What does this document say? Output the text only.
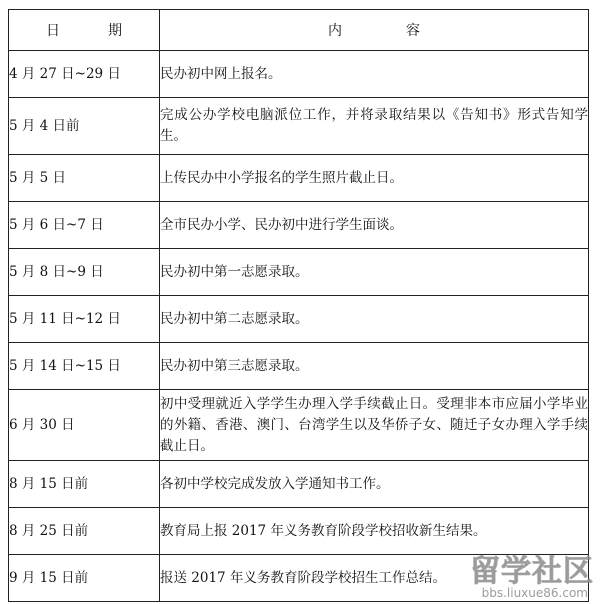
日 期	内 容
4 月 27 日~29 日	民办初中网上报名。
5 月 4 日前	完成公办学校电脑派位工作，并将录取结果以《告知书》形式告知学生。
5 月 5 日	上传民办中小学报名的学生照片截止日。
5 月 6 日~7 日	全市民办小学、民办初中进行学生面谈。
5 月 8 日~9 日	民办初中第一志愿录取。
5 月 11 日~12 日	民办初中第二志愿录取。
5 月 14 日~15 日	民办初中第三志愿录取。
6 月 30 日	初中受理就近入学学生办理入学手续截止日。受理非本市应届小学毕业的外籍、香港、澳门、台湾学生以及华侨子女、随迁子女办理入学手续截止日。
8 月 15 日前	各初中学校完成发放入学通知书工作。
8 月 25 日前	教育局上报 2017 年义务教育阶段学校招收新生结果。
9 月 15 日前	报送 2017 年义务教育阶段学校招生工作总结。 留学社区
bbs.liuxue86.com
